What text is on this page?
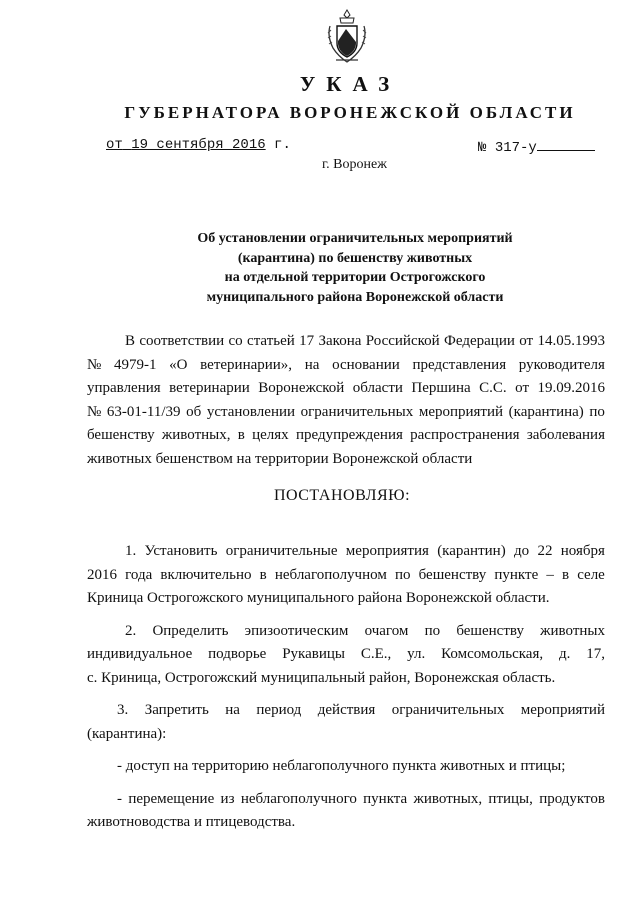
УКАЗ
ГУБЕРНАТОРА ВОРОНЕЖСКОЙ ОБЛАСТИ
от 19 сентября 2016 г.	№ 317-у
г. Воронеж
Об установлении ограничительных мероприятий
(карантина) по бешенству животных
на отдельной территории Острогожского
муниципального района Воронежской области
В соответствии со статьей 17 Закона Российской Федерации от 14.05.1993
№ 4979-1 «О ветеринарии», на основании представления руководителя
управления ветеринарии Воронежской области Першина С.С. от 19.09.2016
№ 63-01-11/39 об установлении ограничительных мероприятий (карантина) по
бешенству животных, в целях предупреждения распространения заболевания
животных бешенством на территории Воронежской области
ПОСТАНОВЛЯЮ:
1. Установить ограничительные мероприятия (карантин) до 22 ноября
2016 года включительно в неблагополучном по бешенству пункте – в селе
Криница Острогожского муниципального района Воронежской области.
2. Определить эпизоотическим очагом по бешенству животных
индивидуальное подворье Рукавицы С.Е., ул. Комсомольская, д. 17,
с. Криница, Острогожский муниципальный район, Воронежская область.
3. Запретить на период действия ограничительных мероприятий
(карантина):
- доступ на территорию неблагополучного пункта животных и птицы;
- перемещение из неблагополучного пункта животных, птицы, продуктов
животноводства и птицеводства.
